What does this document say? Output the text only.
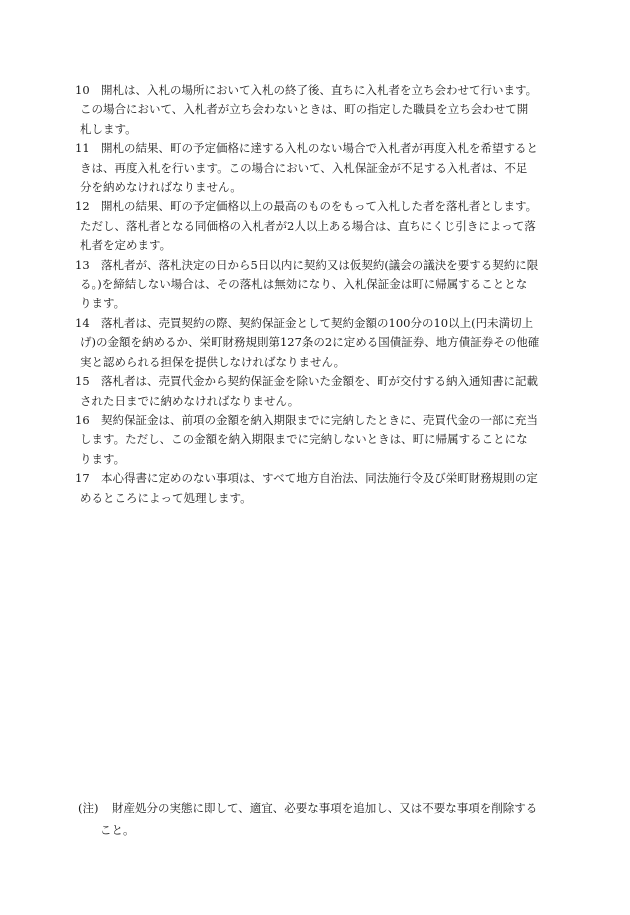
10 開札は、入札の場所において入札の終了後、直ちに入札者を立ち会わせて行います。
この場合において、入札者が立ち会わないときは、町の指定した職員を立ち会わせて開
札します。

11 開札の結果、町の予定価格に達する入札のない場合で入札者が再度入札を希望すると
きは、再度入札を行います。この場合において、入札保証金が不足する入札者は、不足
分を納めなければなりません。

12 開札の結果、町の予定価格以上の最高のものをもって入札した者を落札者とします。
ただし、落札者となる同価格の入札者が2人以上ある場合は、直ちにくじ引きによって落
札者を定めます。

13 落札者が、落札決定の日から5日以内に契約又は仮契約(議会の議決を要する契約に限
る。)を締結しない場合は、その落札は無効になり、入札保証金は町に帰属することとな
ります。

14 落札者は、売買契約の際、契約保証金として契約金額の100分の10以上(円未満切上
げ)の金額を納めるか、栄町財務規則第127条の2に定める国債証券、地方債証券その他確
実と認められる担保を提供しなければなりません。

15 落札者は、売買代金から契約保証金を除いた金額を、町が交付する納入通知書に記載
された日までに納めなければなりません。

16 契約保証金は、前項の金額を納入期限までに完納したときに、売買代金の一部に充当
します。ただし、この金額を納入期限までに完納しないときは、町に帰属することにな
ります。

17 本心得書に定めのない事項は、すべて地方自治法、同法施行令及び栄町財務規則の定
めるところによって処理します。

(注) 財産処分の実態に即して、適宜、必要な事項を追加し、又は不要な事項を削除する
こと。
